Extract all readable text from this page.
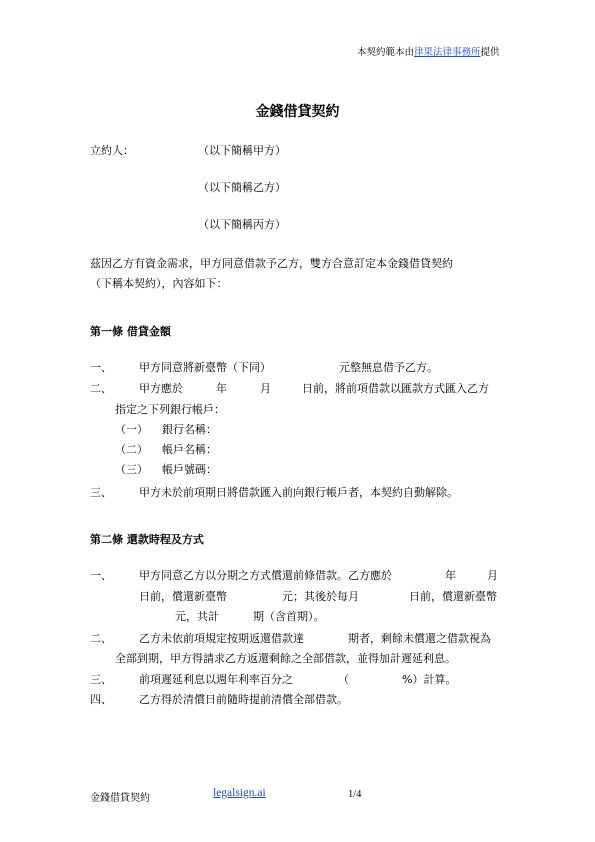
本契約範本由律果法律事務所提供
金錢借貸契約
立約人：	（以下簡稱甲方）
（以下簡稱乙方）
（以下簡稱丙方）
茲因乙方有資金需求，甲方同意借款予乙方，雙方合意訂定本金錢借貸契約
（下稱本契約），內容如下：
第一條 借貸金額
一、 甲方同意將新臺幣（下同）	元整無息借予乙方。
二、 甲方應於	年	月	日前，將前項借款以匯款方式匯入乙方
指定之下列銀行帳戶：
（一） 銀行名稱：
（二） 帳戶名稱：
（三） 帳戶號碼：
三、 甲方未於前項期日將借款匯入前向銀行帳戶者，本契約自動解除。
第二條 還款時程及方式
一、 甲方同意乙方以分期之方式償還前條借款。乙方應於	年	月
日前，償還新臺幣	元；其後於每月	日前，償還新臺幣
元，共計	期（含首期）。
二、 乙方未依前項規定按期返還借款達	期者，剩餘未償還之借款視為
全部到期，甲方得請求乙方返還剩餘之全部借款，並得加計遲延利息。
三、 前項遲延利息以週年利率百分之	（	%）計算。
四、 乙方得於清償日前隨時提前清償全部借款。
金錢借貸契約	legalsign.ai	1/4
